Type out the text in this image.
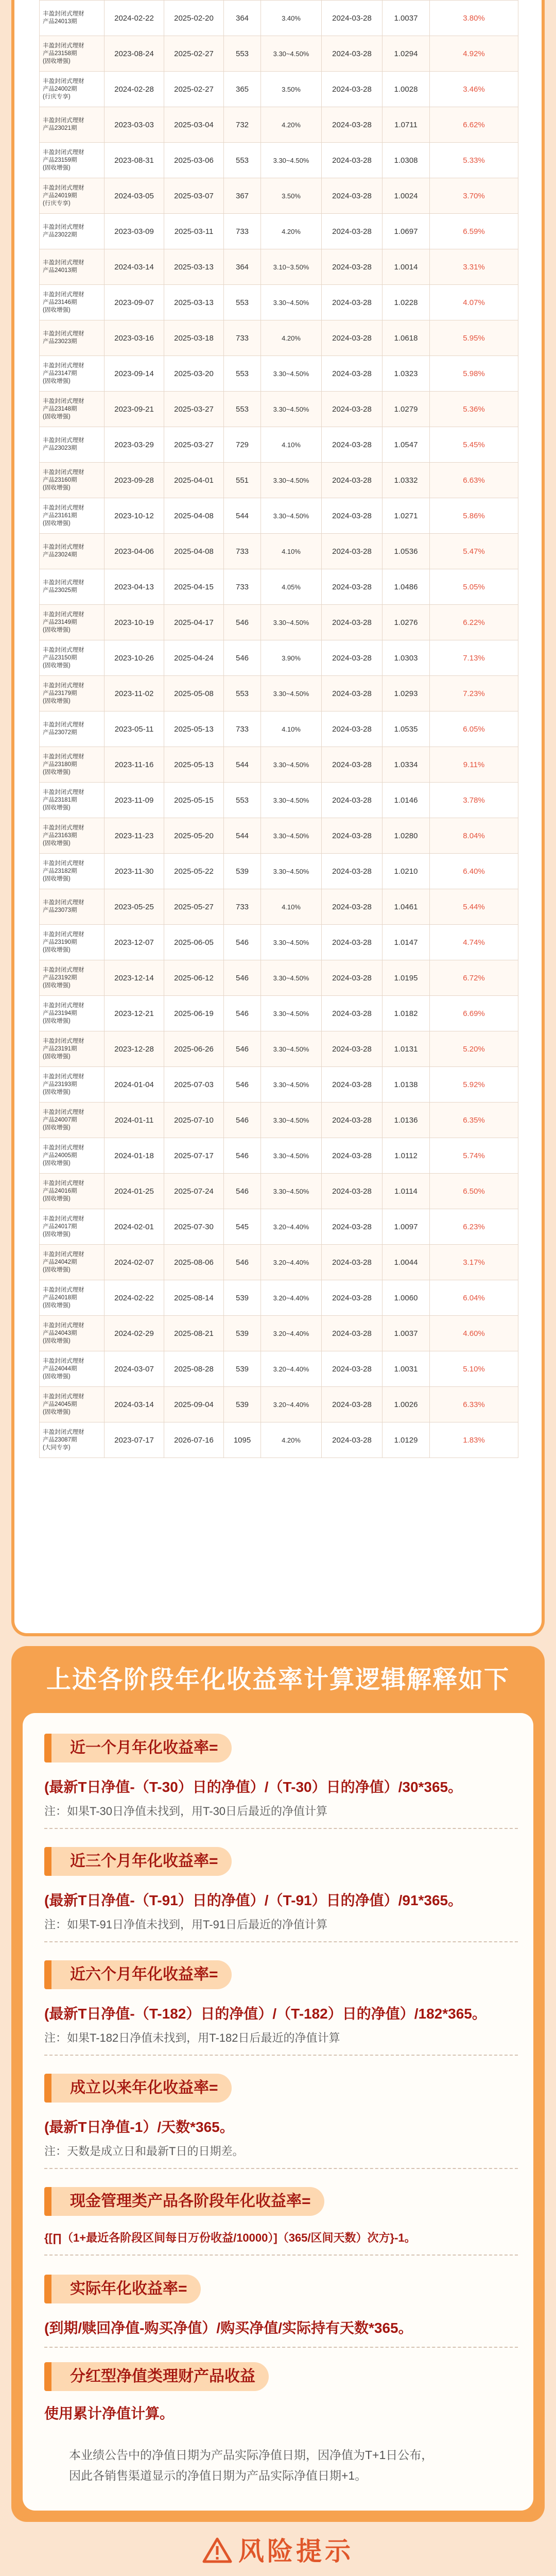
丰盈封闭式理财
产品24013期	2024-02-22	2025-02-20	364	3.40%	2024-03-28	1.0037	3.80%

丰盈封闭式理财
产品23158期
(固收增强)	2023-08-24	2025-02-27	553	3.30~4.50%	2024-03-28	1.0294	4.92%

丰盈封闭式理财
产品24002期
(行庆专享)	2024-02-28	2025-02-27	365	3.50%	2024-03-28	1.0028	3.46%

丰盈封闭式理财
产品23021期	2023-03-03	2025-03-04	732	4.20%	2024-03-28	1.0711	6.62%

丰盈封闭式理财
产品23159期
(固收增强)	2023-08-31	2025-03-06	553	3.30~4.50%	2024-03-28	1.0308	5.33%

丰盈封闭式理财
产品24019期
(行庆专享)	2024-03-05	2025-03-07	367	3.50%	2024-03-28	1.0024	3.70%

丰盈封闭式理财
产品23022期	2023-03-09	2025-03-11	733	4.20%	2024-03-28	1.0697	6.59%

丰盈封闭式理财
产品24013期	2024-03-14	2025-03-13	364	3.10~3.50%	2024-03-28	1.0014	3.31%

丰盈封闭式理财
产品23146期
(固收增强)	2023-09-07	2025-03-13	553	3.30~4.50%	2024-03-28	1.0228	4.07%

丰盈封闭式理财
产品23023期	2023-03-16	2025-03-18	733	4.20%	2024-03-28	1.0618	5.95%

丰盈封闭式理财
产品23147期
(固收增强)	2023-09-14	2025-03-20	553	3.30~4.50%	2024-03-28	1.0323	5.98%

丰盈封闭式理财
产品23148期
(固收增强)	2023-09-21	2025-03-27	553	3.30~4.50%	2024-03-28	1.0279	5.36%

丰盈封闭式理财
产品23023期	2023-03-29	2025-03-27	729	4.10%	2024-03-28	1.0547	5.45%

丰盈封闭式理财
产品23160期
(固收增强)	2023-09-28	2025-04-01	551	3.30~4.50%	2024-03-28	1.0332	6.63%

丰盈封闭式理财
产品23161期
(固收增强)	2023-10-12	2025-04-08	544	3.30~4.50%	2024-03-28	1.0271	5.86%

丰盈封闭式理财
产品23024期	2023-04-06	2025-04-08	733	4.10%	2024-03-28	1.0536	5.47%

丰盈封闭式理财
产品23025期	2023-04-13	2025-04-15	733	4.05%	2024-03-28	1.0486	5.05%

丰盈封闭式理财
产品23149期
(固收增强)	2023-10-19	2025-04-17	546	3.30~4.50%	2024-03-28	1.0276	6.22%

丰盈封闭式理财
产品23150期
(固收增强)	2023-10-26	2025-04-24	546	3.90%	2024-03-28	1.0303	7.13%

丰盈封闭式理财
产品23179期
(固收增强)	2023-11-02	2025-05-08	553	3.30~4.50%	2024-03-28	1.0293	7.23%

丰盈封闭式理财
产品23072期	2023-05-11	2025-05-13	733	4.10%	2024-03-28	1.0535	6.05%

丰盈封闭式理财
产品23180期
(固收增强)	2023-11-16	2025-05-13	544	3.30~4.50%	2024-03-28	1.0334	9.11%

丰盈封闭式理财
产品23181期
(固收增强)	2023-11-09	2025-05-15	553	3.30~4.50%	2024-03-28	1.0146	3.78%

丰盈封闭式理财
产品23163期
(固收增强)	2023-11-23	2025-05-20	544	3.30~4.50%	2024-03-28	1.0280	8.04%

丰盈封闭式理财
产品23182期
(固收增强)	2023-11-30	2025-05-22	539	3.30~4.50%	2024-03-28	1.0210	6.40%

丰盈封闭式理财
产品23073期	2023-05-25	2025-05-27	733	4.10%	2024-03-28	1.0461	5.44%

丰盈封闭式理财
产品23190期
(固收增强)	2023-12-07	2025-06-05	546	3.30~4.50%	2024-03-28	1.0147	4.74%

丰盈封闭式理财
产品23192期
(固收增强)	2023-12-14	2025-06-12	546	3.30~4.50%	2024-03-28	1.0195	6.72%

丰盈封闭式理财
产品23194期
(固收增强)	2023-12-21	2025-06-19	546	3.30~4.50%	2024-03-28	1.0182	6.69%

丰盈封闭式理财
产品23191期
(固收增强)	2023-12-28	2025-06-26	546	3.30~4.50%	2024-03-28	1.0131	5.20%

丰盈封闭式理财
产品23193期
(固收增强)	2024-01-04	2025-07-03	546	3.30~4.50%	2024-03-28	1.0138	5.92%

丰盈封闭式理财
产品24007期
(固收增强)	2024-01-11	2025-07-10	546	3.30~4.50%	2024-03-28	1.0136	6.35%

丰盈封闭式理财
产品24005期
(固收增强)	2024-01-18	2025-07-17	546	3.30~4.50%	2024-03-28	1.0112	5.74%

丰盈封闭式理财
产品24016期
(固收增强)	2024-01-25	2025-07-24	546	3.30~4.50%	2024-03-28	1.0114	6.50%

丰盈封闭式理财
产品24017期
(固收增强)	2024-02-01	2025-07-30	545	3.20~4.40%	2024-03-28	1.0097	6.23%

丰盈封闭式理财
产品24042期
(固收增强)	2024-02-07	2025-08-06	546	3.20~4.40%	2024-03-28	1.0044	3.17%

丰盈封闭式理财
产品24018期
(固收增强)	2024-02-22	2025-08-14	539	3.20~4.40%	2024-03-28	1.0060	6.04%

丰盈封闭式理财
产品24043期
(固收增强)	2024-02-29	2025-08-21	539	3.20~4.40%	2024-03-28	1.0037	4.60%

丰盈封闭式理财
产品24044期
(固收增强)	2024-03-07	2025-08-28	539	3.20~4.40%	2024-03-28	1.0031	5.10%

丰盈封闭式理财
产品24045期
(固收增强)	2024-03-14	2025-09-04	539	3.20~4.40%	2024-03-28	1.0026	6.33%

丰盈封闭式理财
产品23087期
(大同专享)	2023-07-17	2026-07-16	1095	4.20%	2024-03-28	1.0129	1.83%
上述各阶段年化收益率计算逻辑解释如下
近一个月年化收益率=
(最新T日净值-（T-30）日的净值）/（T-30）日的净值）/30*365。
注：如果T-30日净值未找到，用T-30日后最近的净值计算
近三个月年化收益率=
(最新T日净值-（T-91）日的净值）/（T-91）日的净值）/91*365。
注：如果T-91日净值未找到，用T-91日后最近的净值计算
近六个月年化收益率=
(最新T日净值-（T-182）日的净值）/（T-182）日的净值）/182*365。
注：如果T-182日净值未找到，用T-182日后最近的净值计算
成立以来年化收益率=
(最新T日净值-1）/天数*365。
注：天数是成立日和最新T日的日期差。
现金管理类产品各阶段年化收益率=
{[∏（1+最近各阶段区间每日万份收益/10000）]（365/区间天数）次方}-1。
实际年化收益率=
(到期/赎回净值-购买净值）/购买净值/实际持有天数*365。
分红型净值类理财产品收益
使用累计净值计算。
本业绩公告中的净值日期为产品实际净值日期，因净值为T+1日公布，
因此各销售渠道显示的净值日期为产品实际净值日期+1。
风险提示
